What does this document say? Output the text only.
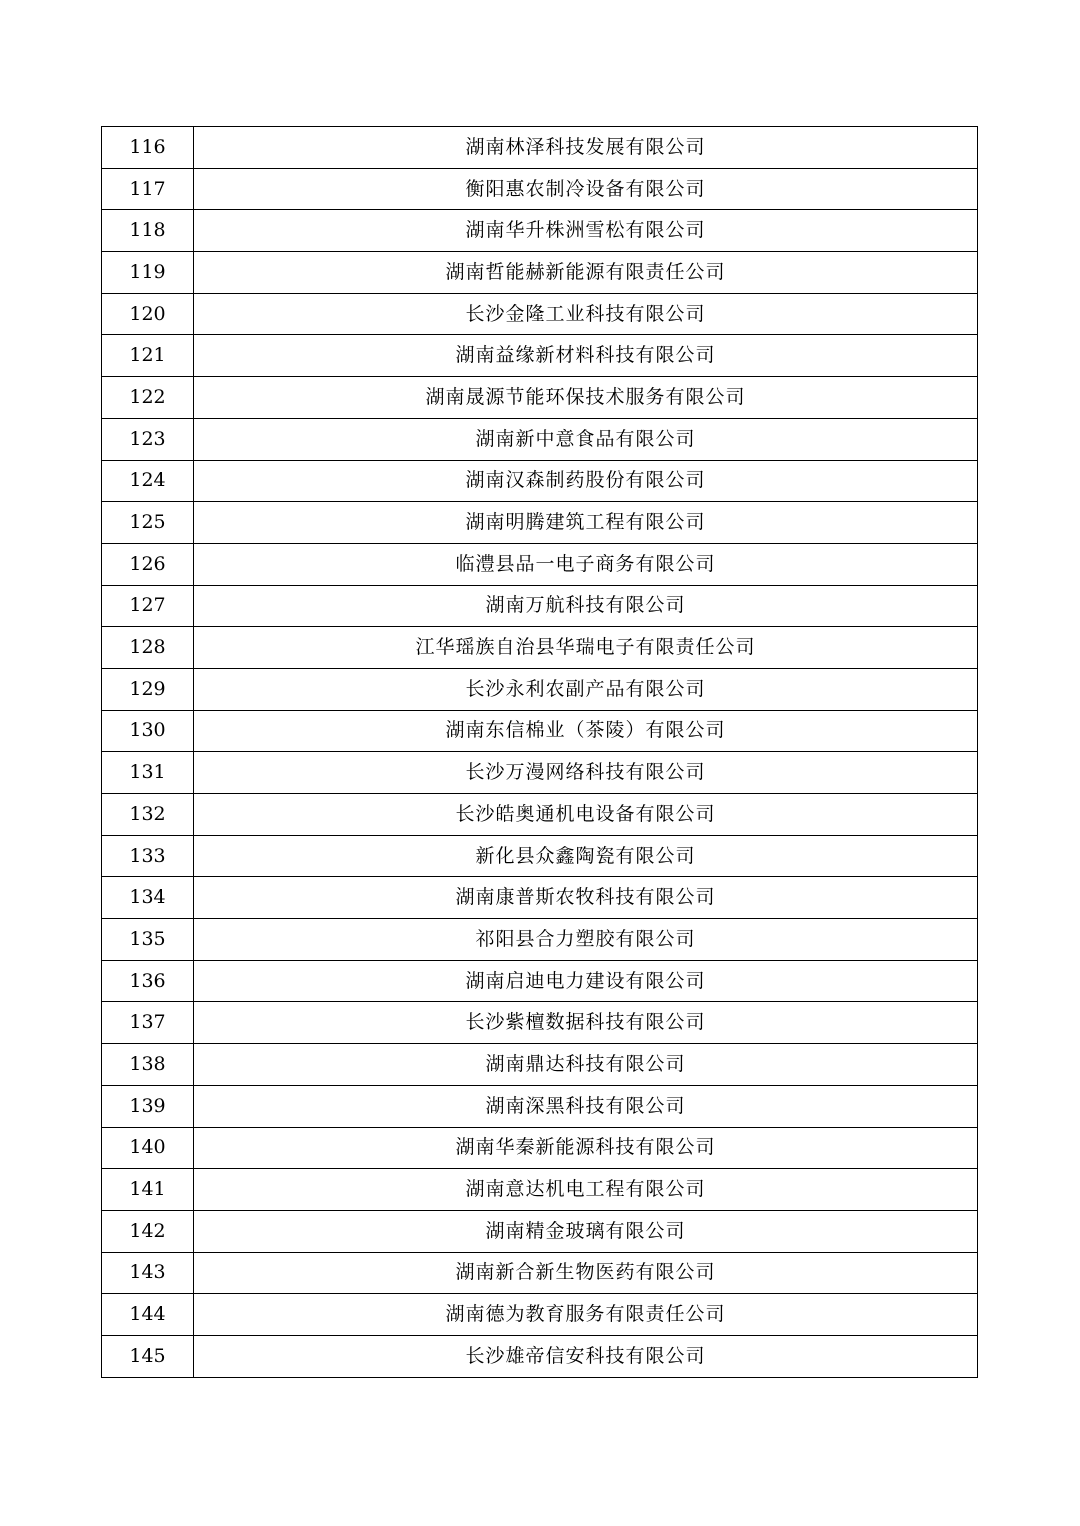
116	湖南林泽科技发展有限公司
117	衡阳惠农制冷设备有限公司
118	湖南华升株洲雪松有限公司
119	湖南哲能赫新能源有限责任公司
120	长沙金隆工业科技有限公司
121	湖南益缘新材料科技有限公司
122	湖南晟源节能环保技术服务有限公司
123	湖南新中意食品有限公司
124	湖南汉森制药股份有限公司
125	湖南明腾建筑工程有限公司
126	临澧县品一电子商务有限公司
127	湖南万航科技有限公司
128	江华瑶族自治县华瑞电子有限责任公司
129	长沙永利农副产品有限公司
130	湖南东信棉业（茶陵）有限公司
131	长沙万漫网络科技有限公司
132	长沙皓奥通机电设备有限公司
133	新化县众鑫陶瓷有限公司
134	湖南康普斯农牧科技有限公司
135	祁阳县合力塑胶有限公司
136	湖南启迪电力建设有限公司
137	长沙紫檀数据科技有限公司
138	湖南鼎达科技有限公司
139	湖南深黑科技有限公司
140	湖南华秦新能源科技有限公司
141	湖南意达机电工程有限公司
142	湖南精金玻璃有限公司
143	湖南新合新生物医药有限公司
144	湖南德为教育服务有限责任公司
145	长沙雄帝信安科技有限公司
